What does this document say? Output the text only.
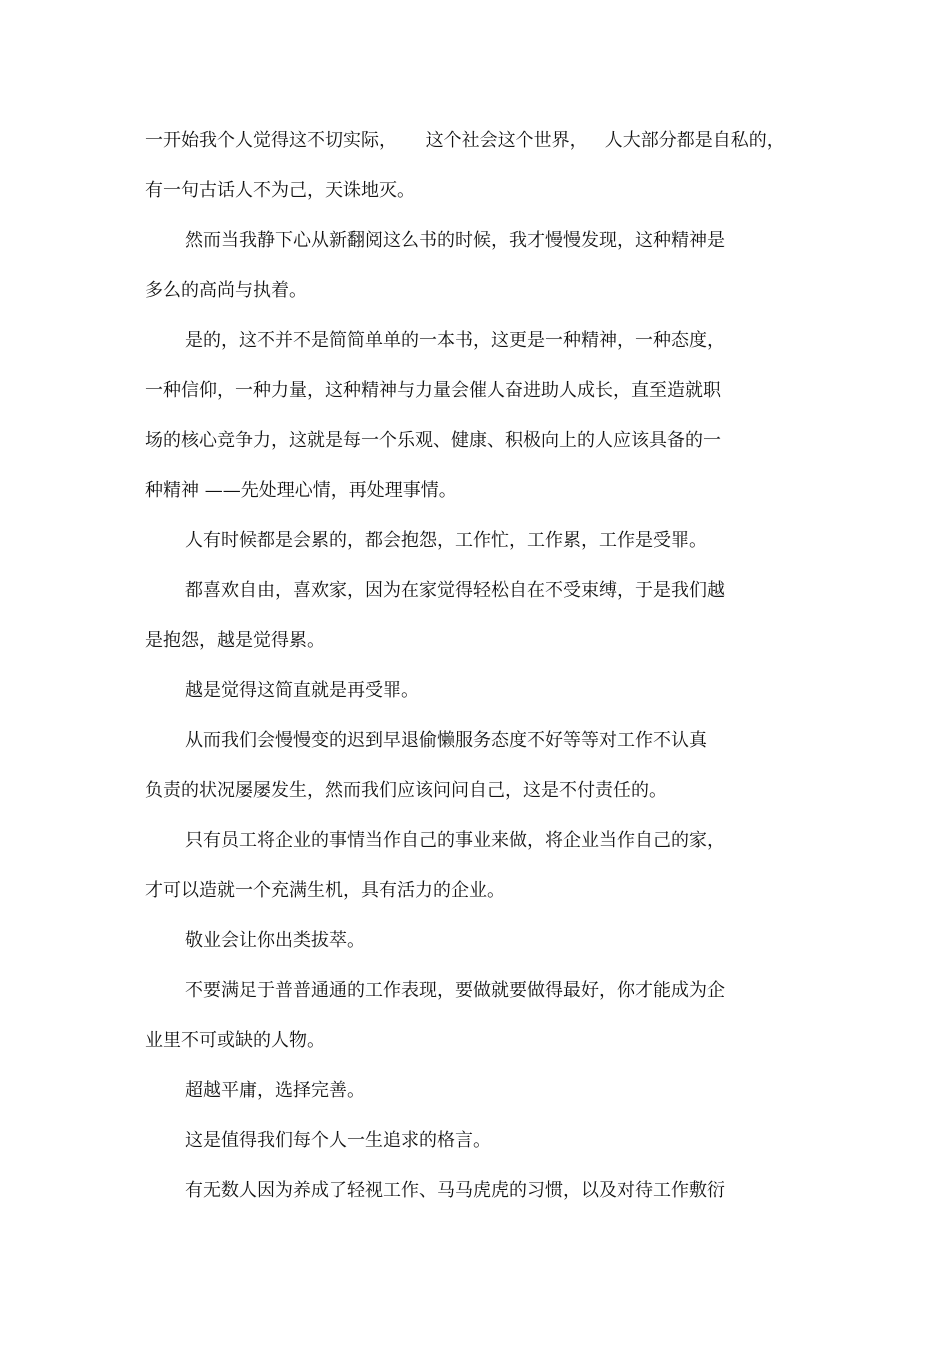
一开始我个人觉得这不切实际，     这个社会这个世界，   人大部分都是自私的，
有一句古话人不为己，天诛地灭。
然而当我静下心从新翻阅这么书的时候，我才慢慢发现，这种精神是
多么的高尚与执着。
是的，这不并不是简简单单的一本书，这更是一种精神，一种态度，
一种信仰，一种力量，这种精神与力量会催人奋进助人成长，直至造就职
场的核心竞争力，这就是每一个乐观、健康、积极向上的人应该具备的一
种精神 ——先处理心情，再处理事情。
人有时候都是会累的，都会抱怨，工作忙，工作累，工作是受罪。
都喜欢自由，喜欢家，因为在家觉得轻松自在不受束缚，于是我们越
是抱怨，越是觉得累。
越是觉得这简直就是再受罪。
从而我们会慢慢变的迟到早退偷懒服务态度不好等等对工作不认真
负责的状况屡屡发生，然而我们应该问问自己，这是不付责任的。
只有员工将企业的事情当作自己的事业来做，将企业当作自己的家，
才可以造就一个充满生机，具有活力的企业。
敬业会让你出类拔萃。
不要满足于普普通通的工作表现，要做就要做得最好，你才能成为企
业里不可或缺的人物。
超越平庸，选择完善。
这是值得我们每个人一生追求的格言。
有无数人因为养成了轻视工作、马马虎虎的习惯，以及对待工作敷衍
